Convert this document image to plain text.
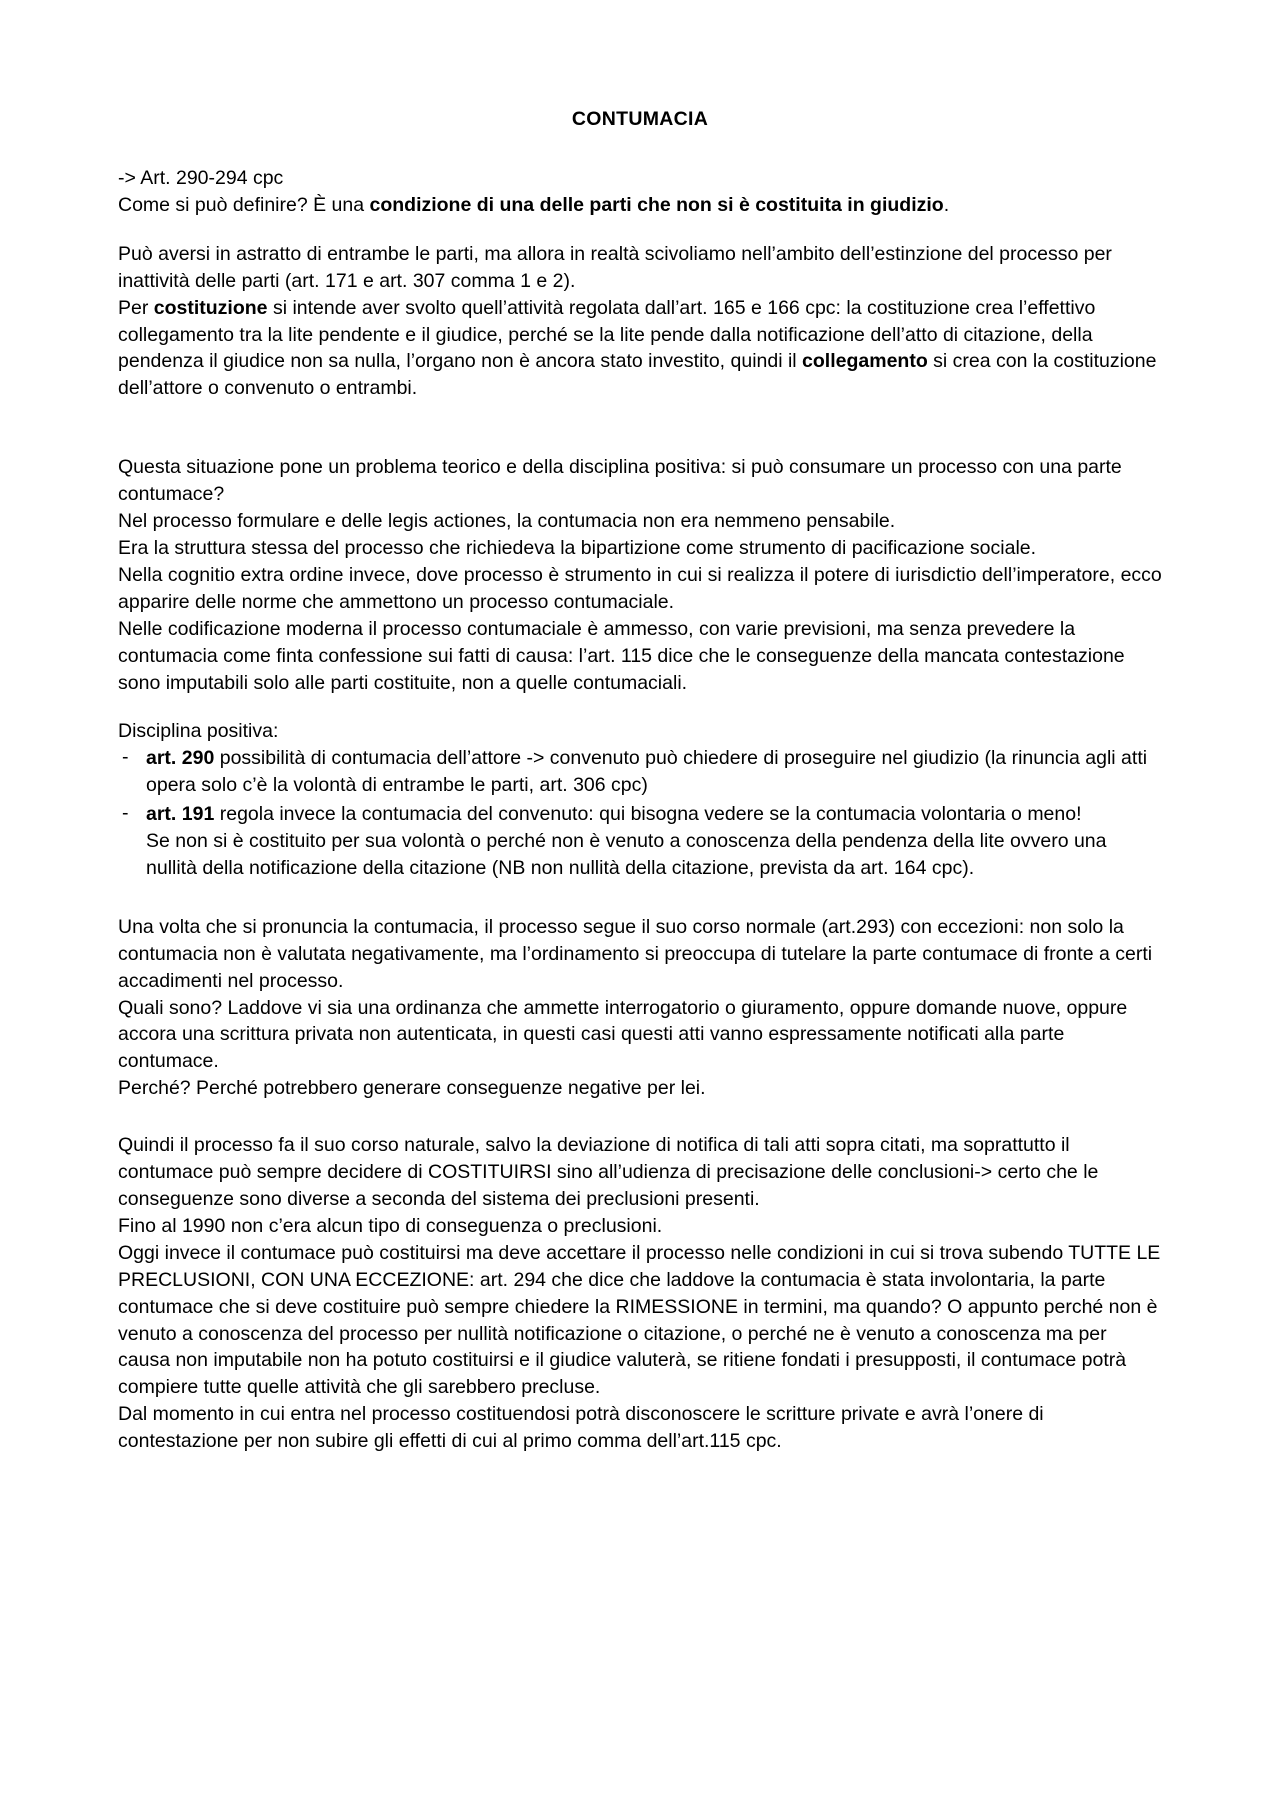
CONTUMACIA

-> Art. 290-294 cpc
Come si può definire? È una condizione di una delle parti che non si è costituita in giudizio.

Può aversi in astratto di entrambe le parti, ma allora in realtà scivoliamo nell’ambito dell’estinzione del processo per inattività delle parti (art. 171 e art. 307 comma 1 e 2).
Per costituzione si intende aver svolto quell’attività regolata dall’art. 165 e 166 cpc: la costituzione crea l’effettivo collegamento tra la lite pendente e il giudice, perché se la lite pende dalla notificazione dell’atto di citazione, della pendenza il giudice non sa nulla, l’organo non è ancora stato investito, quindi il collegamento si crea con la costituzione dell’attore o convenuto o entrambi.

Questa situazione pone un problema teorico e della disciplina positiva: si può consumare un processo con una parte contumace?
Nel processo formulare e delle legis actiones, la contumacia non era nemmeno pensabile.
Era la struttura stessa del processo che richiedeva la bipartizione come strumento di pacificazione sociale.
Nella cognitio extra ordine invece, dove processo è strumento in cui si realizza il potere di iurisdictio dell’imperatore, ecco apparire delle norme che ammettono un processo contumaciale.
Nelle codificazione moderna il processo contumaciale è ammesso, con varie previsioni, ma senza prevedere la contumacia come finta confessione sui fatti di causa: l’art. 115 dice che le conseguenze della mancata contestazione sono imputabili solo alle parti costituite, non a quelle contumaciali.

Disciplina positiva:

- art. 290 possibilità di contumacia dell’attore -> convenuto può chiedere di proseguire nel giudizio (la rinuncia agli atti opera solo c’è la volontà di entrambe le parti, art. 306 cpc)
- art. 191 regola invece la contumacia del convenuto: qui bisogna vedere se la contumacia volontaria o meno!
Se non si è costituito per sua volontà o perché non è venuto a conoscenza della pendenza della lite ovvero una nullità della notificazione della citazione (NB non nullità della citazione, prevista da art. 164 cpc).

Una volta che si pronuncia la contumacia, il processo segue il suo corso normale (art.293) con eccezioni: non solo la contumacia non è valutata negativamente, ma l’ordinamento si preoccupa di tutelare la parte contumace di fronte a certi accadimenti nel processo.
Quali sono? Laddove vi sia una ordinanza che ammette interrogatorio o giuramento, oppure domande nuove, oppure accora una scrittura privata non autenticata, in questi casi questi atti vanno espressamente notificati alla parte contumace.
Perché? Perché potrebbero generare conseguenze negative per lei.

Quindi il processo fa il suo corso naturale, salvo la deviazione di notifica di tali atti sopra citati, ma soprattutto il contumace può sempre decidere di COSTITUIRSI sino all’udienza di precisazione delle conclusioni-> certo che le conseguenze sono diverse a seconda del sistema dei preclusioni presenti.
Fino al 1990 non c’era alcun tipo di conseguenza o preclusioni.
Oggi invece il contumace può costituirsi ma deve accettare il processo nelle condizioni in cui si trova subendo TUTTE LE PRECLUSIONI, CON UNA ECCEZIONE: art. 294 che dice che laddove la contumacia è stata involontaria, la parte contumace che si deve costituire può sempre chiedere la RIMESSIONE in termini, ma quando? O appunto perché non è venuto a conoscenza del processo per nullità notificazione o citazione, o perché ne è venuto a conoscenza ma per causa non imputabile non ha potuto costituirsi e il giudice valuterà, se ritiene fondati i presupposti, il contumace potrà compiere tutte quelle attività che gli sarebbero precluse.
Dal momento in cui entra nel processo costituendosi potrà disconoscere le scritture private e avrà l’onere di contestazione per non subire gli effetti di cui al primo comma dell’art.115 cpc.
